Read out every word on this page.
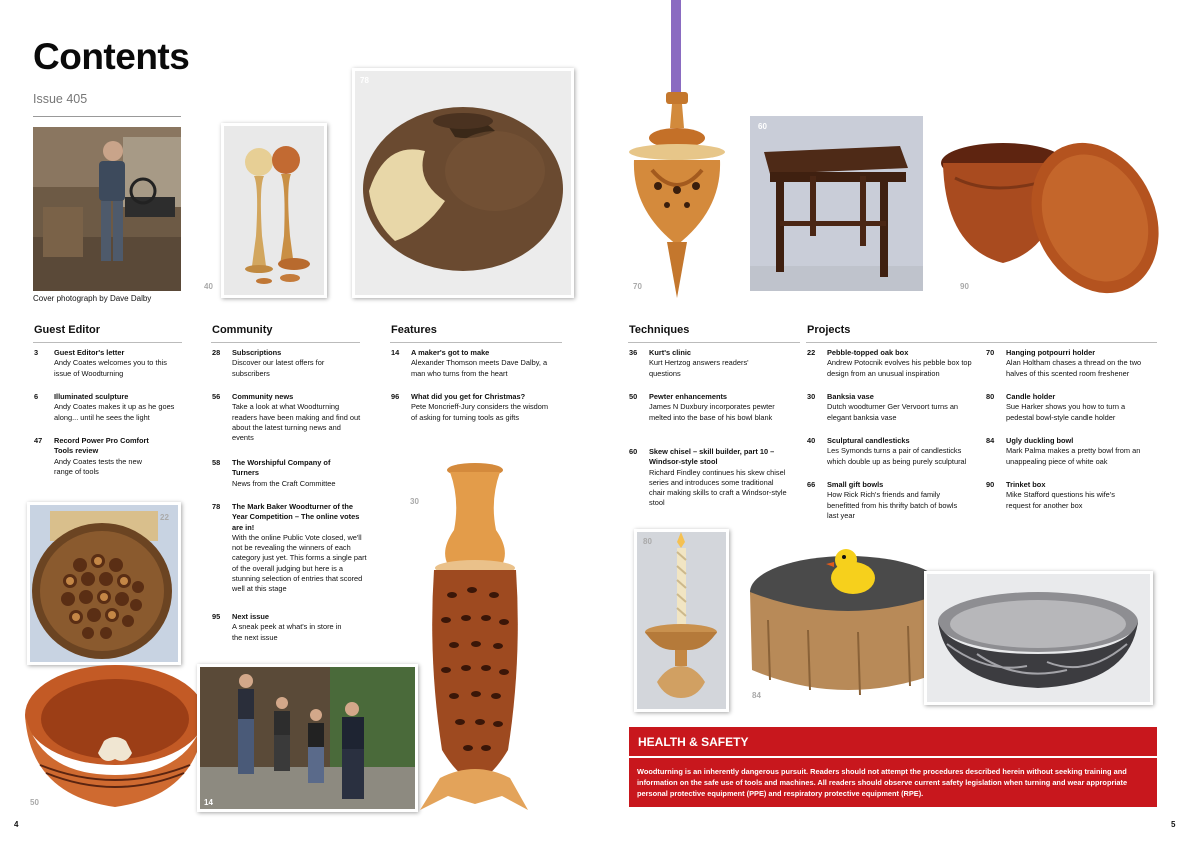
Contents
Issue 405
Cover photograph by Dave Dalby
40
78
70
60
90
Guest Editor	Community	Features	Techniques	Projects
3 Guest Editor's letter
Andy Coates welcomes you to this issue of Woodturning
6 Illuminated sculpture
Andy Coates makes it up as he goes along... until he sees the light
47 Record Power Pro Comfort Tools review
Andy Coates tests the new range of tools
28 Subscriptions
Discover our latest offers for subscribers
56 Community news
Take a look at what Woodturning readers have been making and find out about the latest turning news and events
58 The Worshipful Company of Turners
News from the Craft Committee
78 The Mark Baker Woodturner of the Year Competition – The online votes are in!
With the online Public Vote closed, we'll not be revealing the winners of each category just yet. This forms a single part of the overall judging but here is a stunning selection of entries that scored well at this stage
95 Next issue
A sneak peek at what's in store in the next issue
14 A maker's got to make
Alexander Thomson meets Dave Dalby, a man who turns from the heart
96 What did you get for Christmas?
Pete Moncrieff-Jury considers the wisdom of asking for turning tools as gifts
36 Kurt's clinic
Kurt Hertzog answers readers' questions
50 Pewter enhancements
James N Duxbury incorporates pewter melted into the base of his bowl blank
60 Skew chisel – skill builder, part 10 – Windsor-style stool
Richard Findley continues his skew chisel series and introduces some traditional chair making skills to craft a Windsor-style stool
22 Pebble-topped oak box
Andrew Potocnik evolves his pebble box top design from an unusual inspiration
30 Banksia vase
Dutch woodturner Ger Vervoort turns an elegant banksia vase
40 Sculptural candlesticks
Les Symonds turns a pair of candlesticks which double up as being purely sculptural
66 Small gift bowls
How Rick Rich's friends and family benefitted from his thrifty batch of bowls last year
70 Hanging potpourri holder
Alan Holtham chases a thread on the two halves of this scented room freshener
80 Candle holder
Sue Harker shows you how to turn a pedestal bowl-style candle holder
84 Ugly duckling bowl
Mark Palma makes a pretty bowl from an unappealing piece of white oak
90 Trinket box
Mike Stafford questions his wife's request for another box
22
50	14
30
80
84
HEALTH & SAFETY
Woodturning is an inherently dangerous pursuit. Readers should not attempt the procedures described herein without seeking training and information on the safe use of tools and machines. All readers should observe current safety legislation when turning and wear appropriate personal protective equipment (PPE) and respiratory protective equipment (RPE).
4	5
